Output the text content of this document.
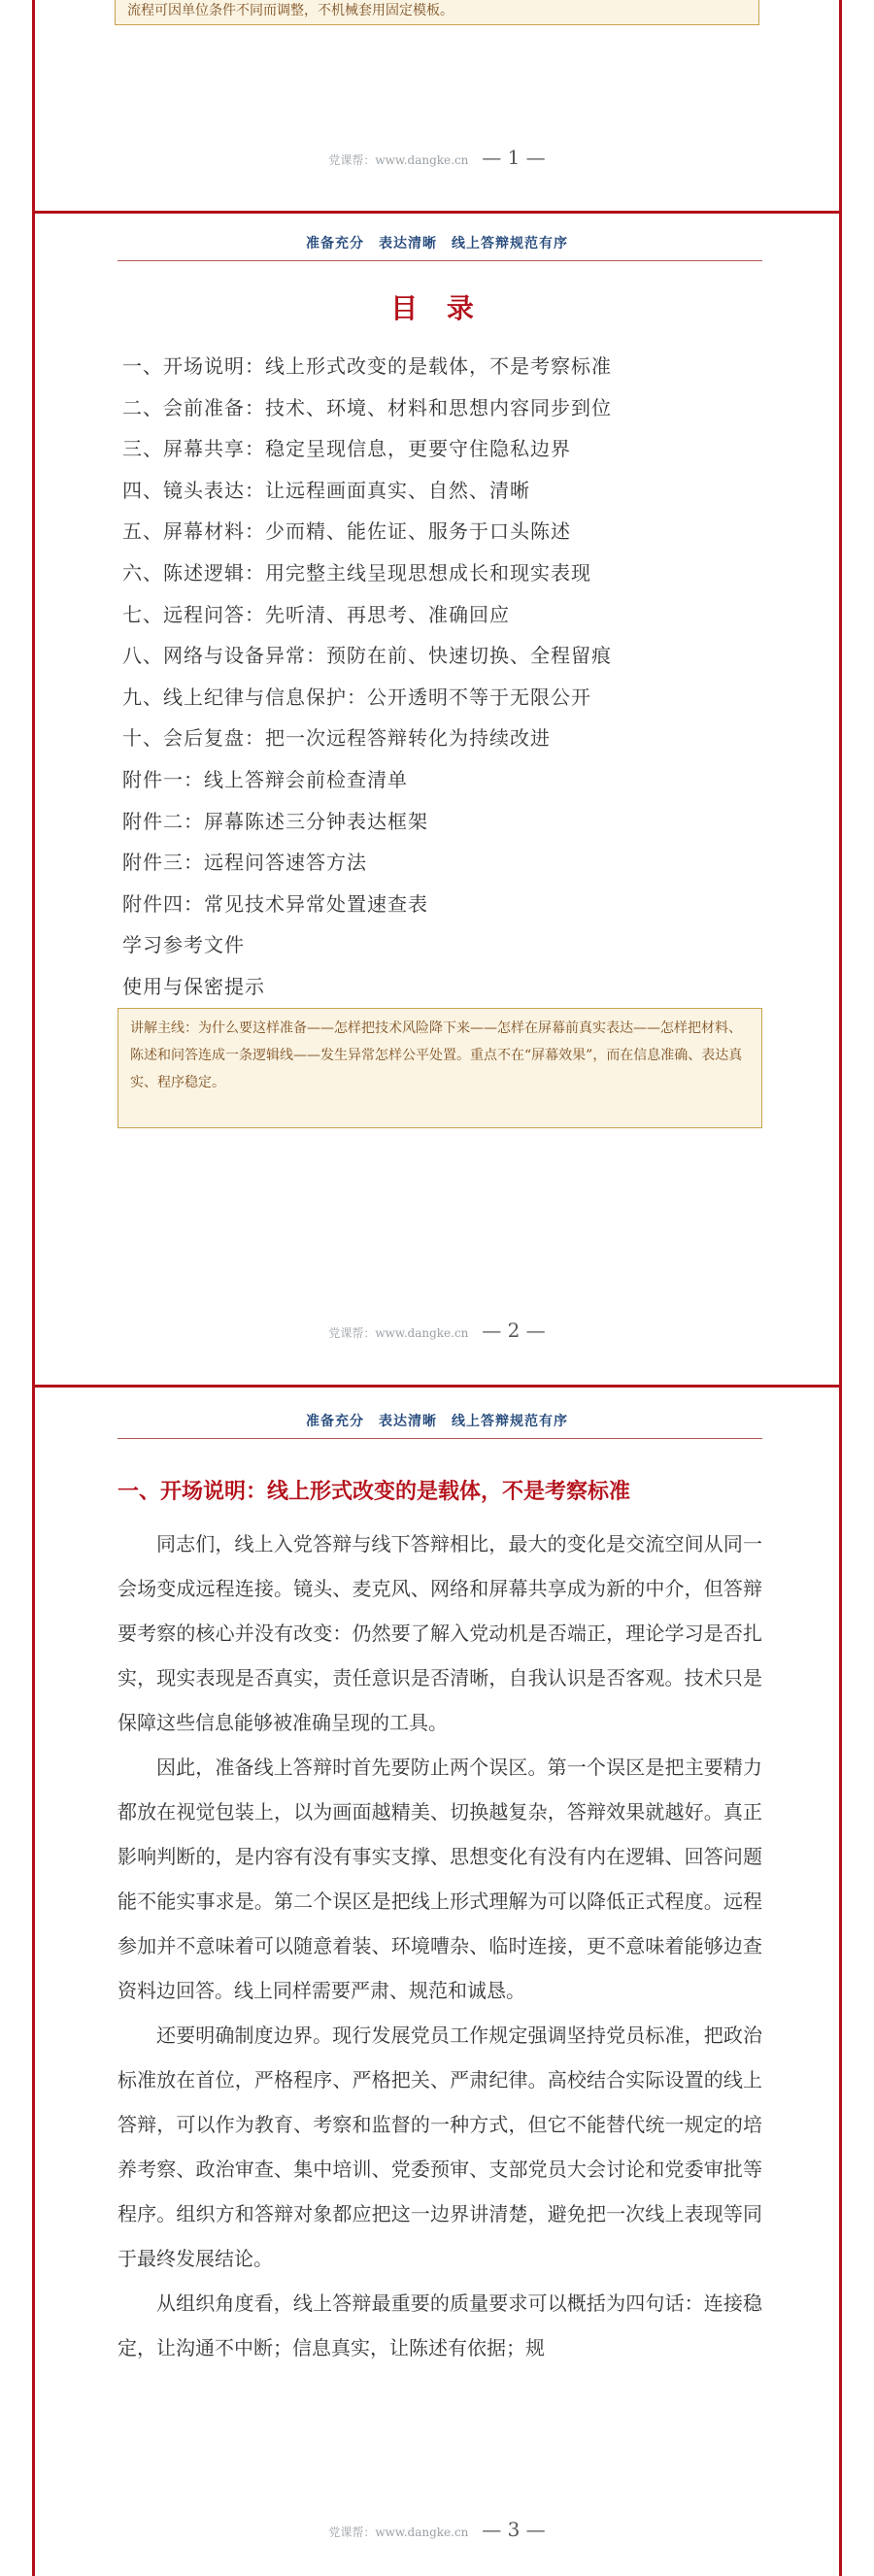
流程可因单位条件不同而调整，不机械套用固定模板。
党课帮：www.dangke.cn — 1 —
准备充分　表达清晰　线上答辩规范有序
目 录
一、开场说明：线上形式改变的是载体，不是考察标准
二、会前准备：技术、环境、材料和思想内容同步到位
三、屏幕共享：稳定呈现信息，更要守住隐私边界
四、镜头表达：让远程画面真实、自然、清晰
五、屏幕材料：少而精、能佐证、服务于口头陈述
六、陈述逻辑：用完整主线呈现思想成长和现实表现
七、远程问答：先听清、再思考、准确回应
八、网络与设备异常：预防在前、快速切换、全程留痕
九、线上纪律与信息保护：公开透明不等于无限公开
十、会后复盘：把一次远程答辩转化为持续改进
附件一：线上答辩会前检查清单
附件二：屏幕陈述三分钟表达框架
附件三：远程问答速答方法
附件四：常见技术异常处置速查表
学习参考文件
使用与保密提示
讲解主线：为什么要这样准备——怎样把技术风险降下来——怎样在屏幕前真实表达——怎样把材料、陈述和问答连成一条逻辑线——发生异常怎样公平处置。重点不在“屏幕效果”，而在信息准确、表达真实、程序稳定。
党课帮：www.dangke.cn — 2 —
准备充分　表达清晰　线上答辩规范有序
一、开场说明：线上形式改变的是载体，不是考察标准

同志们，线上入党答辩与线下答辩相比，最大的变化是交流空间从同一会场变成远程连接。镜头、麦克风、网络和屏幕共享成为新的中介，但答辩要考察的核心并没有改变：仍然要了解入党动机是否端正，理论学习是否扎实，现实表现是否真实，责任意识是否清晰，自我认识是否客观。技术只是保障这些信息能够被准确呈现的工具。

因此，准备线上答辩时首先要防止两个误区。第一个误区是把主要精力都放在视觉包装上，以为画面越精美、切换越复杂，答辩效果就越好。真正影响判断的，是内容有没有事实支撑、思想变化有没有内在逻辑、回答问题能不能实事求是。第二个误区是把线上形式理解为可以降低正式程度。远程参加并不意味着可以随意着装、环境嘈杂、临时连接，更不意味着能够边查资料边回答。线上同样需要严肃、规范和诚恳。

还要明确制度边界。现行发展党员工作规定强调坚持党员标准，把政治标准放在首位，严格程序、严格把关、严肃纪律。高校结合实际设置的线上答辩，可以作为教育、考察和监督的一种方式，但它不能替代统一规定的培养考察、政治审查、集中培训、党委预审、支部党员大会讨论和党委审批等程序。组织方和答辩对象都应把这一边界讲清楚，避免把一次线上表现等同于最终发展结论。

从组织角度看，线上答辩最重要的质量要求可以概括为四句话：连接稳定，让沟通不中断；信息真实，让陈述有依据；规

党课帮：www.dangke.cn — 3 —
